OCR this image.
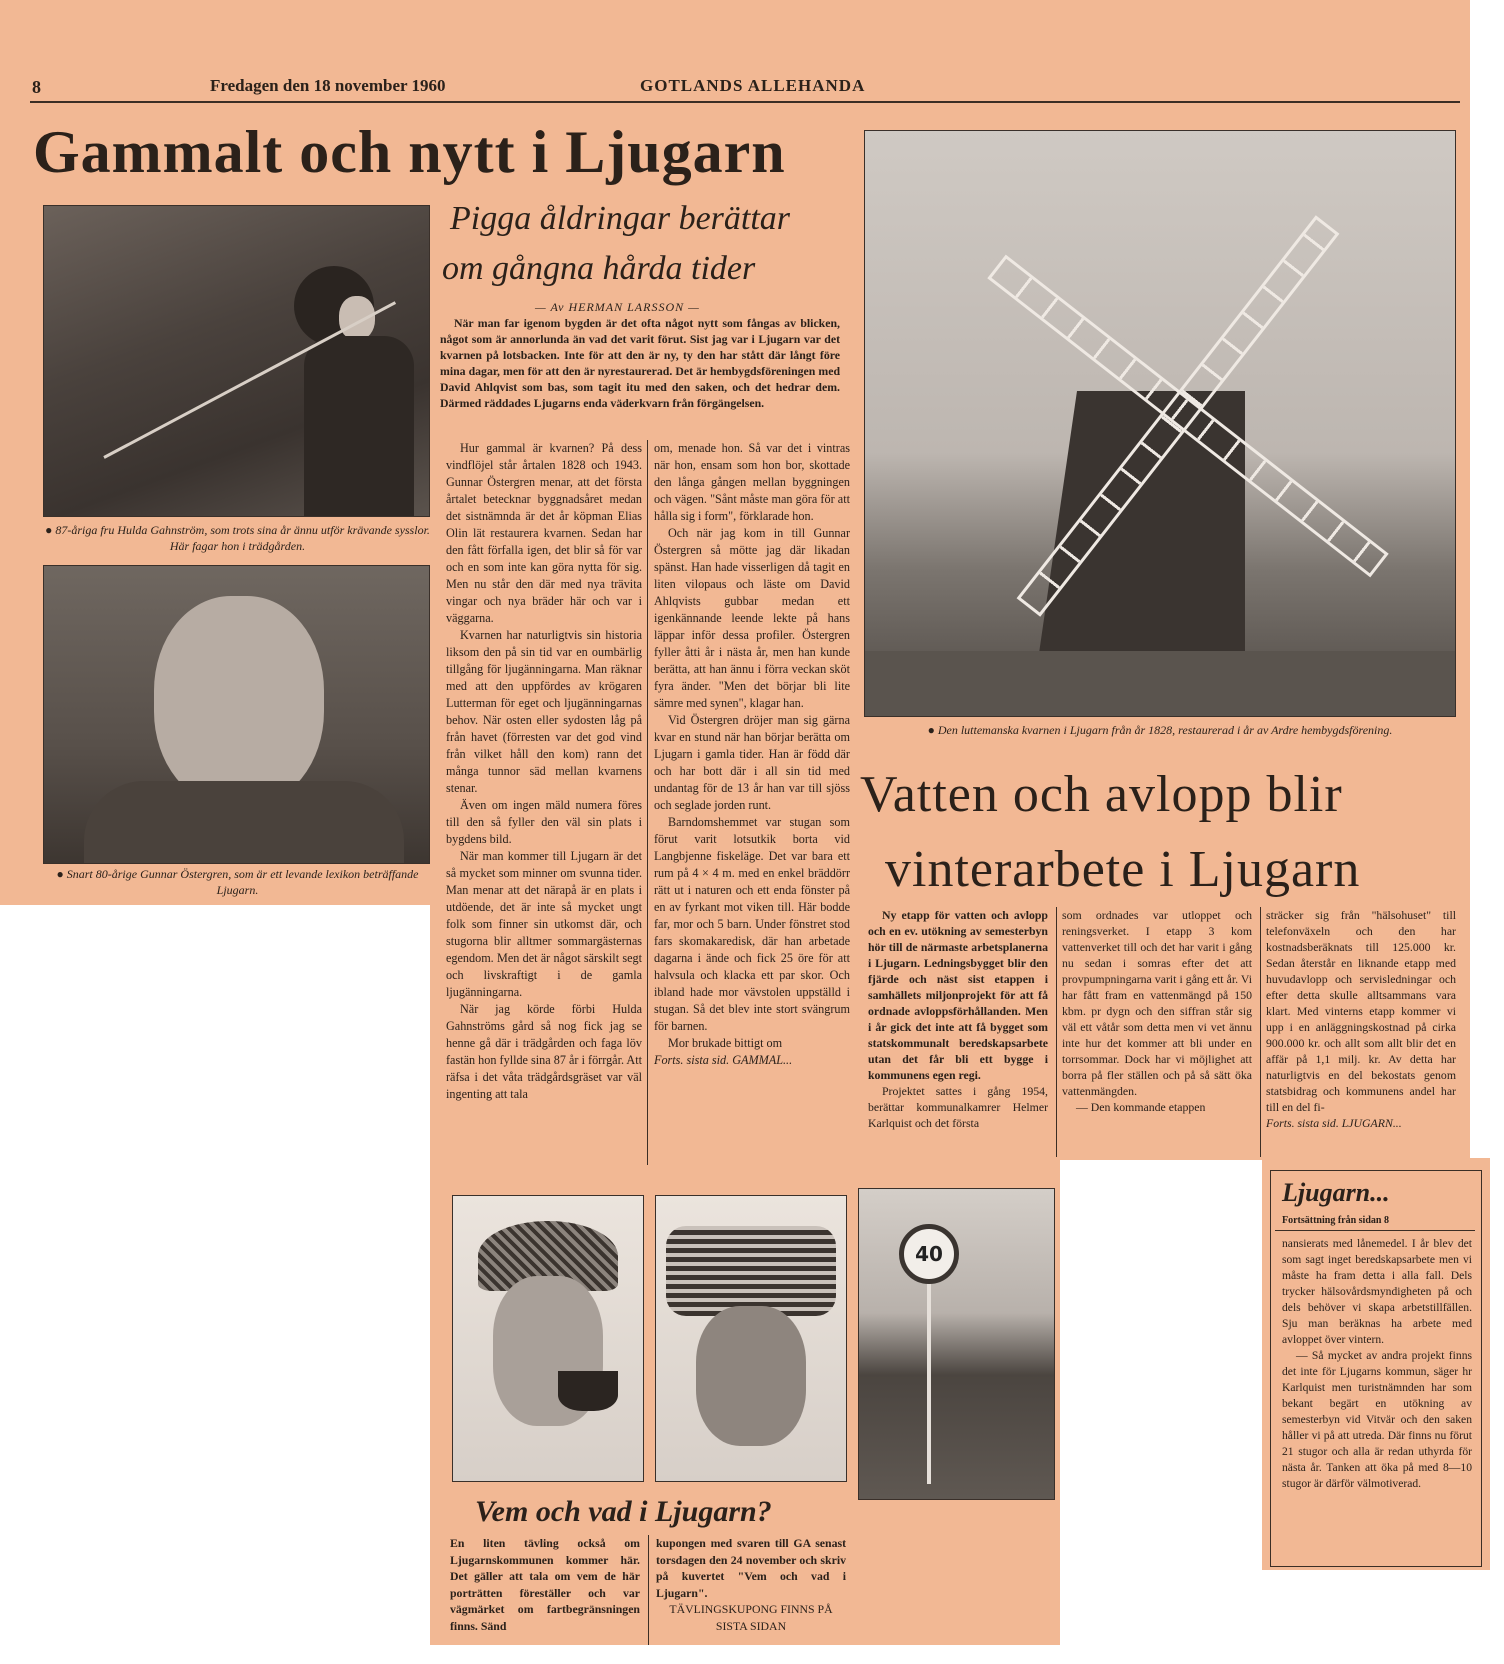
8	Fredagen den 18 november 1960	GOTLANDS ALLEHANDA
Gammalt och nytt i Ljugarn
Pigga åldringar berättar
om gångna hårda tider
— Av HERMAN LARSSON —

När man far igenom bygden är det ofta något nytt som fångas av blicken, något som är annorlunda än vad det varit förut. Sist jag var i Ljugarn var det kvarnen på lotsbacken. Inte för att den är ny, ty den har stått där långt före mina dagar, men för att den är nyrestaurerad. Det är hembygdsföreningen med David Ahlqvist som bas, som tagit itu med den saken, och det hedrar dem. Därmed räddades Ljugarns enda väderkvarn från förgängelsen.

● 87-åriga fru Hulda Gahnström, som trots sina år ännu utför krävande sysslor. Här fagar hon i trädgården.
● Snart 80-årige Gunnar Östergren, som är ett levande lexikon beträffande Ljugarn.

Hur gammal är kvarnen? På dess vindflöjel står årtalen 1828 och 1943. Gunnar Östergren menar, att det första årtalet betecknar byggnadsåret medan det sistnämnda är det år köpman Elias Olin lät restaurera kvarnen. Sedan har den fått förfalla igen, det blir så för var och en som inte kan göra nytta för sig. Men nu står den där med nya trävita vingar och nya bräder här och var i väggarna.

Kvarnen har naturligtvis sin historia liksom den på sin tid var en oumbärlig tillgång för ljugänningarna. Man räknar med att den uppfördes av krögaren Lutterman för eget och ljugänningarnas behov. När osten eller sydosten låg på från havet (förresten var det god vind från vilket håll den kom) rann det många tunnor säd mellan kvarnens stenar.

Även om ingen mäld numera föres till den så fyller den väl sin plats i bygdens bild.

När man kommer till Ljugarn är det så mycket som minner om svunna tider. Man menar att det närapå är en plats i utdöende, det är inte så mycket ungt folk som finner sin utkomst där, och stugorna blir alltmer sommargästernas egendom. Men det är något särskilt segt och livskraftigt i de gamla ljugänningarna.

När jag körde förbi Hulda Gahnströms gård så nog fick jag se henne gå där i trädgården och faga löv fastän hon fyllde sina 87 år i förrgår. Att räfsa i det våta trädgårdsgräset var väl ingenting att tala

om, menade hon. Så var det i vintras när hon, ensam som hon bor, skottade den långa gången mellan byggningen och vägen. "Sånt måste man göra för att hålla sig i form", förklarade hon.

Och när jag kom in till Gunnar Östergren så mötte jag där likadan spänst. Han hade visserligen då tagit en liten vilopaus och läste om David Ahlqvists gubbar medan ett igenkännande leende lekte på hans läppar inför dessa profiler. Östergren fyller åtti år i nästa år, men han kunde berätta, att han ännu i förra veckan sköt fyra änder. "Men det börjar bli lite sämre med synen", klagar han.

Vid Östergren dröjer man sig gärna kvar en stund när han börjar berätta om Ljugarn i gamla tider. Han är född där och har bott där i all sin tid med undantag för de 13 år han var till sjöss och seglade jorden runt.

Barndomshemmet var stugan som förut varit lotsutkik borta vid Langbjenne fiskeläge. Det var bara ett rum på 4 × 4 m. med en enkel bräddörr rätt ut i naturen och ett enda fönster på en av fyrkant mot viken till. Här bodde far, mor och 5 barn. Under fönstret stod fars skomakaredisk, där han arbetade dagarna i ände och fick 25 öre för att halvsula och klacka ett par skor. Och ibland hade mor vävstolen uppställd i stugan. Så det blev inte stort svängrum för barnen.

Mor brukade bittigt om

Forts. sista sid. GAMMAL...

● Den luttemanska kvarnen i Ljugarn från år 1828, restaurerad i år av Ardre hembygdsförening.
Vatten och avlopp blir
vinterarbete i Ljugarn

Ny etapp för vatten och avlopp och en ev. utökning av semesterbyn hör till de närmaste arbetsplanerna i Ljugarn. Ledningsbygget blir den fjärde och näst sist etappen i samhällets miljonprojekt för att få ordnade avloppsförhållanden. Men i år gick det inte att få bygget som statskommunalt beredskapsarbete utan det får bli ett bygge i kommunens egen regi.

Projektet sattes i gång 1954, berättar kommunalkamrer Helmer Karlquist och det första

som ordnades var utloppet och reningsverket. I etapp 3 kom vattenverket till och det har varit i gång nu sedan i somras efter det att provpumpningarna varit i gång ett år. Vi har fått fram en vattenmängd på 150 kbm. pr dygn och den siffran står sig väl ett våtår som detta men vi vet ännu inte hur det kommer att bli under en torrsommar. Dock har vi möjlighet att borra på fler ställen och på så sätt öka vattenmängden.

— Den kommande etappen

sträcker sig från "hälsohuset" till telefonväxeln och den har kostnadsberäknats till 125.000 kr. Sedan återstår en liknande etapp med huvudavlopp och servisledningar och efter detta skulle alltsammans vara klart. Med vinterns etapp kommer vi upp i en anläggningskostnad på cirka 900.000 kr. och allt som allt blir det en affär på 1,1 milj. kr. Av detta har naturligtvis en del bekostats genom statsbidrag och kommunens andel har till en del fi-

Forts. sista sid. LJUGARN...

40
Vem och vad i Ljugarn?

En liten tävling också om Ljugarnskommunen kommer här. Det gäller att tala om vem de här porträtten föreställer och var vägmärket om fartbegränsningen finns. Sänd

kupongen med svaren till GA senast torsdagen den 24 november och skriv på kuvertet "Vem och vad i Ljugarn".

TÄVLINGSKUPONG FINNS PÅ SISTA SIDAN

Ljugarn...
Fortsättning från sidan 8

nansierats med lånemedel. I år blev det som sagt inget beredskapsarbete men vi måste ha fram detta i alla fall. Dels trycker hälsovårdsmyndigheten på och dels behöver vi skapa arbetstillfällen. Sju man beräknas ha arbete med avloppet över vintern.

— Så mycket av andra projekt finns det inte för Ljugarns kommun, säger hr Karlquist men turistnämnden har som bekant begärt en utökning av semesterbyn vid Vitvär och den saken håller vi på att utreda. Där finns nu förut 21 stugor och alla är redan uthyrda för nästa år. Tanken att öka på med 8—10 stugor är därför välmotiverad.
